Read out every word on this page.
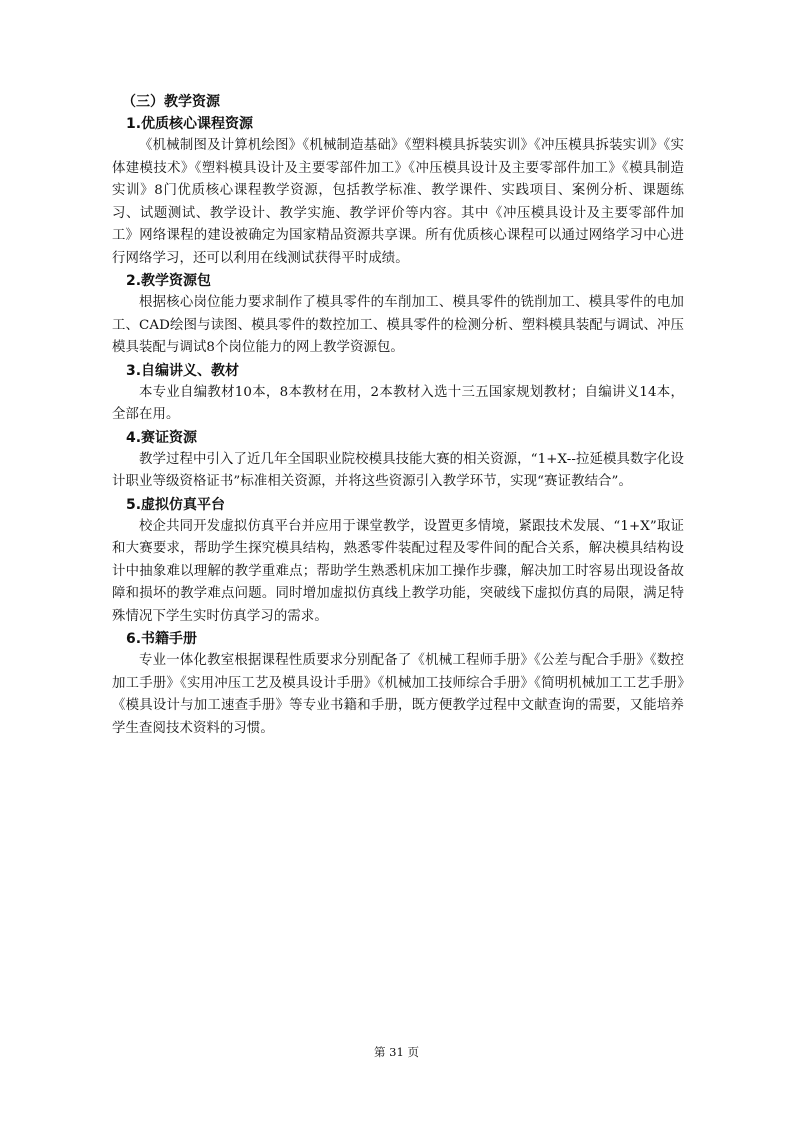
（三）教学资源

1.优质核心课程资源

《机械制图及计算机绘图》《机械制造基础》《塑料模具拆装实训》《冲压模具拆装实训》《实体建模技术》《塑料模具设计及主要零部件加工》《冲压模具设计及主要零部件加工》《模具制造实训》8门优质核心课程教学资源，包括教学标准、教学课件、实践项目、案例分析、课题练习、试题测试、教学设计、教学实施、教学评价等内容。其中《冲压模具设计及主要零部件加工》网络课程的建设被确定为国家精品资源共享课。所有优质核心课程可以通过网络学习中心进行网络学习，还可以利用在线测试获得平时成绩。

2.教学资源包

根据核心岗位能力要求制作了模具零件的车削加工、模具零件的铣削加工、模具零件的电加工、CAD绘图与读图、模具零件的数控加工、模具零件的检测分析、塑料模具装配与调试、冲压模具装配与调试8个岗位能力的网上教学资源包。

3.自编讲义、教材

本专业自编教材10本，8本教材在用，2本教材入选十三五国家规划教材；自编讲义14本，全部在用。

4.赛证资源

教学过程中引入了近几年全国职业院校模具技能大赛的相关资源，“1+X--拉延模具数字化设计职业等级资格证书”标准相关资源，并将这些资源引入教学环节，实现“赛证教结合”。

5.虚拟仿真平台

校企共同开发虚拟仿真平台并应用于课堂教学，设置更多情境，紧跟技术发展、“1+X”取证和大赛要求，帮助学生探究模具结构，熟悉零件装配过程及零件间的配合关系，解决模具结构设计中抽象难以理解的教学重难点；帮助学生熟悉机床加工操作步骤，解决加工时容易出现设备故障和损坏的教学难点问题。同时增加虚拟仿真线上教学功能，突破线下虚拟仿真的局限，满足特殊情况下学生实时仿真学习的需求。

6.书籍手册

专业一体化教室根据课程性质要求分别配备了《机械工程师手册》《公差与配合手册》《数控加工手册》《实用冲压工艺及模具设计手册》《机械加工技师综合手册》《简明机械加工工艺手册》《模具设计与加工速查手册》等专业书籍和手册，既方便教学过程中文献查询的需要，又能培养学生查阅技术资料的习惯。

第 31 页
